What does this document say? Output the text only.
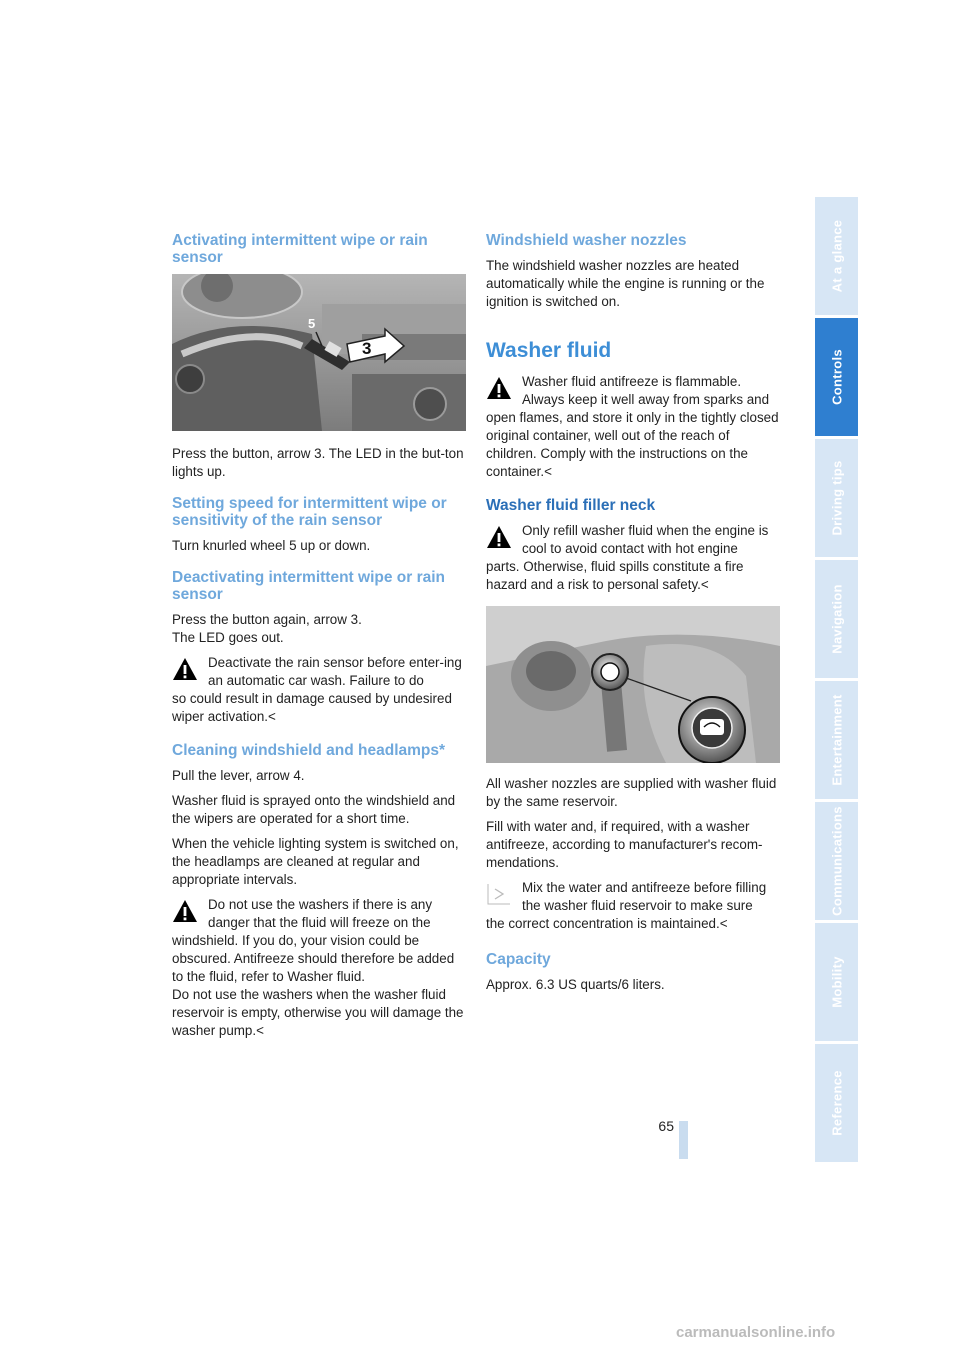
Activating intermittent wipe or rain sensor
5
3

Press the button, arrow 3. The LED in the but-ton lights up.

Setting speed for intermittent wipe or sensitivity of the rain sensor

Turn knurled wheel 5 up or down.

Deactivating intermittent wipe or rain sensor

Press the button again, arrow 3.

The LED goes out.

Deactivate the rain sensor before enter-ing an automatic car wash. Failure to do
so could result in damage caused by undesired wiper activation.<
Cleaning windshield and headlamps*

Pull the lever, arrow 4.

Washer fluid is sprayed onto the windshield and the wipers are operated for a short time.

When the vehicle lighting system is switched on, the headlamps are cleaned at regular and appropriate intervals.

Do not use the washers if there is any danger that the fluid will freeze on the
windshield. If you do, your vision could be obscured. Antifreeze should therefore be added to the fluid, refer to Washer fluid.
Do not use the washers when the washer fluid reservoir is empty, otherwise you will damage the washer pump.<
Windshield washer nozzles

The windshield washer nozzles are heated automatically while the engine is running or the ignition is switched on.

Washer fluid
Washer fluid antifreeze is flammable. Always keep it well away from sparks and
open flames, and store it only in the tightly closed original container, well out of the reach of children. Comply with the instructions on the container.<
Washer fluid filler neck
Only refill washer fluid when the engine is cool to avoid contact with hot engine
parts. Otherwise, fluid spills constitute a fire hazard and a risk to personal safety.<

All washer nozzles are supplied with washer fluid by the same reservoir.

Fill with water and, if required, with a washer antifreeze, according to manufacturer's recom-mendations.

Mix the water and antifreeze before filling the washer fluid reservoir to make sure
the correct concentration is maintained.<
Capacity

Approx. 6.3 US quarts/6 liters.

At a glance
Controls
Driving tips
Navigation
Entertainment
Communications
Mobility
Reference
65
carmanualsonline.info
